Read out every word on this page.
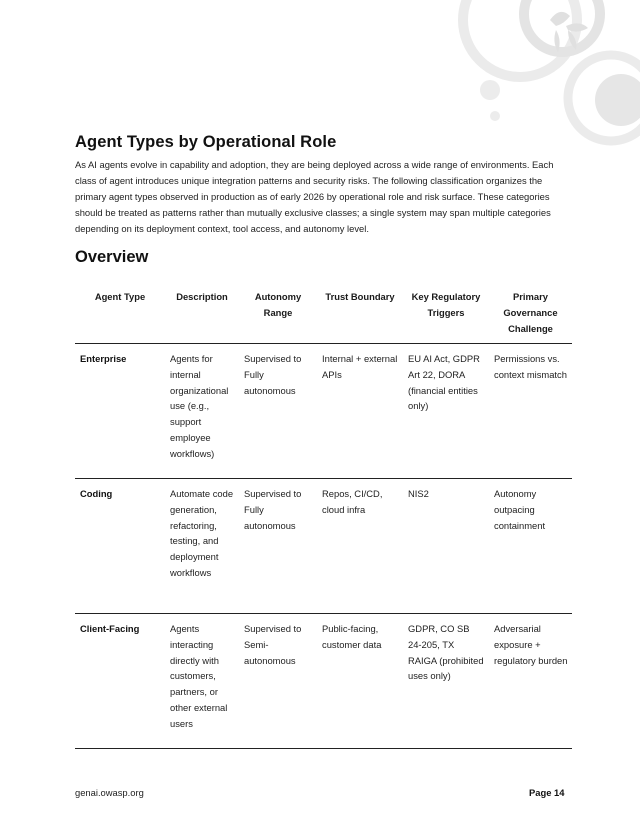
Agent Types by Operational Role

As AI agents evolve in capability and adoption, they are being deployed across a wide range of environments. Each class of agent introduces unique integration patterns and security risks. The following classification organizes the primary agent types observed in production as of early 2026 by operational role and risk surface. These categories should be treated as patterns rather than mutually exclusive classes; a single system may span multiple categories depending on its deployment context, tool access, and autonomy level.

Overview
Agent Type	Description	Autonomy Range	Trust Boundary	Key Regulatory Triggers	Primary Governance Challenge
Enterprise	Agents for internal organizational use (e.g., support employee workflows)	Supervised to Fully autonomous	Internal + external APIs	EU AI Act, GDPR Art 22, DORA (financial entities only)	Permissions vs. context mismatch
Coding	Automate code generation, refactoring, testing, and deployment workflows	Supervised to Fully autonomous	Repos, CI/CD, cloud infra	NIS2	Autonomy outpacing containment
Client-Facing	Agents interacting directly with customers, partners, or other external users	Supervised to Semi-autonomous	Public-facing, customer data	GDPR, CO SB 24-205, TX RAIGA (prohibited uses only)	Adversarial exposure + regulatory burden
genai.owasp.org	Page 14
